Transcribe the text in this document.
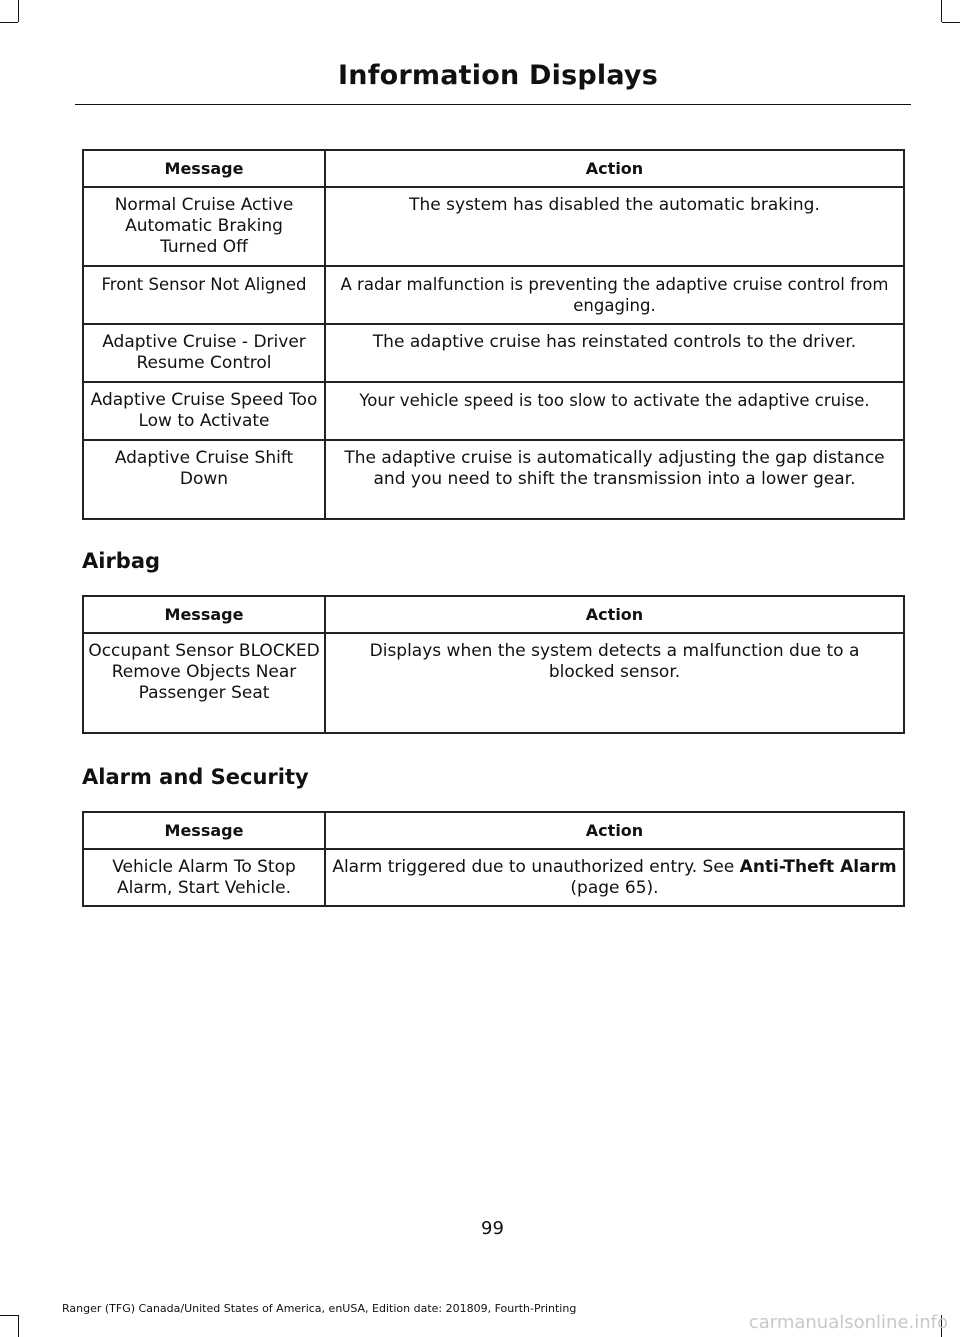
Information Displays
Message	Action
Normal Cruise Active Automatic Braking Turned Off	The system has disabled the automatic braking.
Front Sensor Not Aligned	A radar malfunction is preventing the adaptive cruise control from engaging.
Adaptive Cruise - Driver Resume Control	The adaptive cruise has reinstated controls to the driver.
Adaptive Cruise Speed Too Low to Activate	Your vehicle speed is too slow to activate the adaptive cruise.
Adaptive Cruise Shift Down	The adaptive cruise is automatically adjusting the gap distance and you need to shift the transmission into a lower gear.
Airbag
Message	Action
Occupant Sensor BLOCKED Remove Objects Near Passenger Seat	Displays when the system detects a malfunction due to a blocked sensor.
Alarm and Security
Message	Action
Vehicle Alarm To Stop Alarm, Start Vehicle.	Alarm triggered due to unauthorized entry. See Anti-Theft Alarm (page 65).
99
Ranger (TFG) Canada/United States of America, enUSA, Edition date: 201809, Fourth-Printing
carmanualsonline.info
